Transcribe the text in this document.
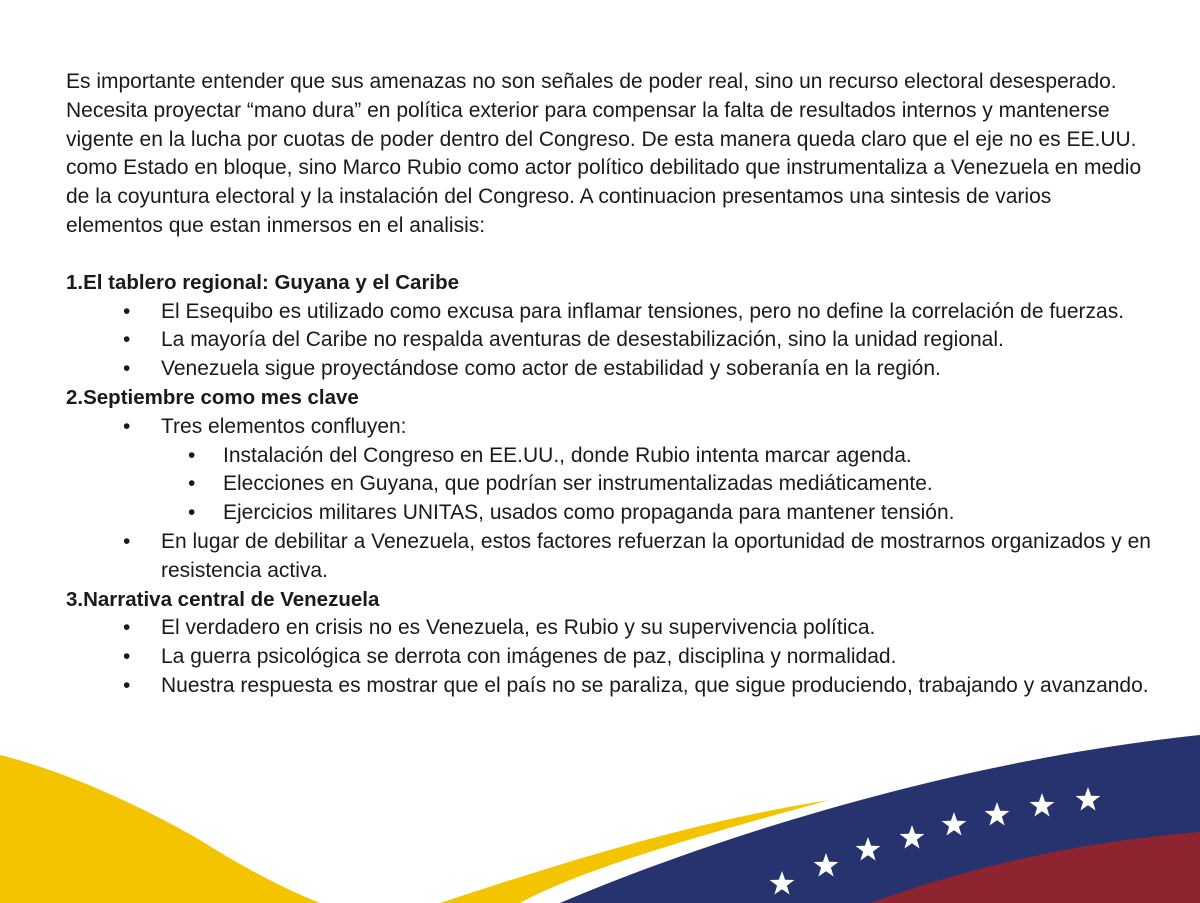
Es importante entender que sus amenazas no son señales de poder real, sino un recurso electoral desesperado. Necesita proyectar “mano dura” en política exterior para compensar la falta de resultados internos y mantenerse vigente en la lucha por cuotas de poder dentro del Congreso. De esta manera queda claro que el eje no es EE.UU. como Estado en bloque, sino Marco Rubio como actor político debilitado que instrumentaliza a Venezuela en medio de la coyuntura electoral y la instalación del Congreso. A continuacion presentamos una sintesis de varios elementos que estan inmersos en el analisis:

1.El tablero regional: Guyana y el Caribe
• El Esequibo es utilizado como excusa para inflamar tensiones, pero no define la correlación de fuerzas.
• La mayoría del Caribe no respalda aventuras de desestabilización, sino la unidad regional.
• Venezuela sigue proyectándose como actor de estabilidad y soberanía en la región.
2.Septiembre como mes clave
• Tres elementos confluyen:
• Instalación del Congreso en EE.UU., donde Rubio intenta marcar agenda.
• Elecciones en Guyana, que podrían ser instrumentalizadas mediáticamente.
• Ejercicios militares UNITAS, usados como propaganda para mantener tensión.
• En lugar de debilitar a Venezuela, estos factores refuerzan la oportunidad de mostrarnos organizados y en resistencia activa.
3.Narrativa central de Venezuela
• El verdadero en crisis no es Venezuela, es Rubio y su supervivencia política.
• La guerra psicológica se derrota con imágenes de paz, disciplina y normalidad.
• Nuestra respuesta es mostrar que el país no se paraliza, que sigue produciendo, trabajando y avanzando.
